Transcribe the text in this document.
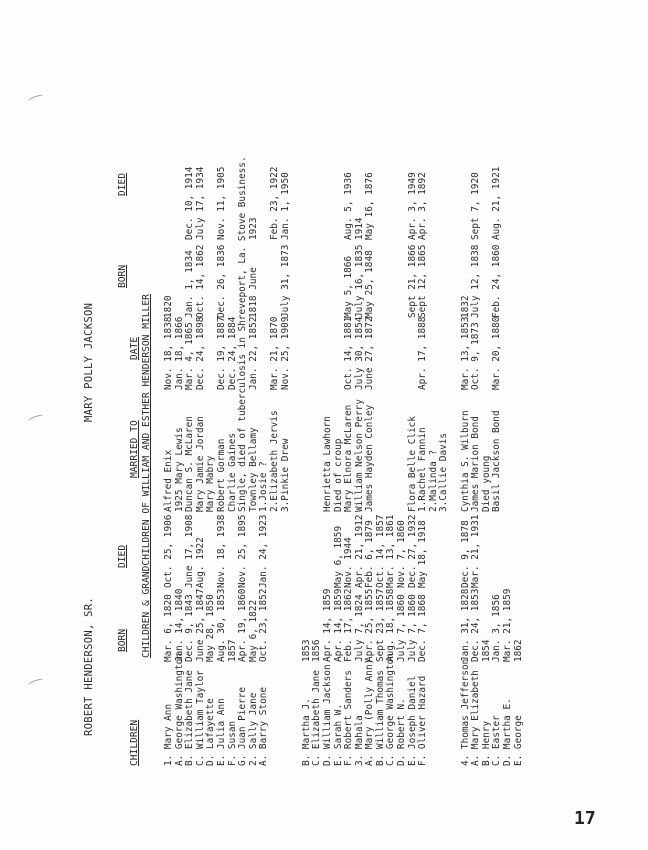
ROBERT HENDERSON, SR.
MARY POLLY JACKSON
CHILDREN
BORN
DIED
MARRIED TO
DATE
BORN
DIED
CHILDREN & GRANDCHILDREN OF WILLIAM AND ESTHER HENDERSON MILLER
1. Mary Ann
Mar. 6, 1820
Oct. 25, 1906
Alfred Enix
Nov. 18, 1838
1820
A. George Washington
Jan. 14, 1840
1925 Mary Lewis
Jan. 18, 1866
B. Elizabeth Jane
Dec. 9, 1843
June 17, 1908
Duncan S. McLaren
Mar. 4, 1865
Jan. 1, 1834
Dec. 10, 1914
C. William Taylor
June 25, 1847
Aug. 1922
Mary Jamie Jordan
Dec. 24, 1898
Oct. 14, 1862
July 17, 1934
D. Lafayette
May 28, 1850
Mary Mabry
E. Julia Ann
Aug. 30, 1853
Nov. 18, 1938
Robert Gorman
Dec. 19, 1887
Dec. 26, 1836
Nov. 11, 1905
F. Susan
1857
Charlie Gaines
Dec. 24, 1884
G. Juan Pierre
Apr. 19, 1860
Nov. 25, 1895
Single, died of tuberculosis in Shreveport, La. Stove Business.
2. Sally Jane
May 6, 1822
Townley Bellamy
Jan. 22, 1852
1818 June
1923
A. Barry Stone
Oct. 23, 1852
Jan. 24, 1923
1.Josie ? 2.Elizabeth Jervis
Mar. 21, 1870
Feb. 23, 1922
3.Pinkie Drew
Nov. 25, 1909
July 31, 1873
Jan. 1, 1950
B. Martha J.
1853
C. Elizabeth Jane
1856
D. William Jackson
Apr. 14, 1859
Henrietta Lawhorn
E. Sarah W.
Apr. 14, 1859
May 6, 1859
Died of croup
F. Robert Sanders
Feb. 17, 1862
Nov. 1944
Mary Elnora McLaren
Oct. 14, 1881
May 5, 1866
Aug. 5, 1936
3. Mahala
July 7, 1824
Apr. 21, 1912
William Nelson Perry
July 30, 1854
July 16, 1835
1914
A. Mary (Polly Ann)
Apr. 25, 1855
Feb. 6, 1879
James Hayden Conley
June 27, 1872
May 25, 1848
May 16, 1876
B. William Thomas
Sept 23, 1857
Oct. 14, 1857
C. George Washington
Aug. 18, 1858
Mar. 13, 1861
D. Robert N.
July 7, 1860
Nov. 7, 1860
E. Joseph Daniel
July 7, 1860
Dec. 27, 1932
Flora Belle Click
Sept 21, 1866
Apr. 3, 1949
F. Oliver Hazard
Dec. 7, 1868
May 18, 1918
1.Rachel Fannin
Apr. 17, 1888
Sept 12, 1865
Apr. 3, 1892
2.Malinda ? 3.Callie Davis
4. Thomas Jefferson
Jan. 31, 1828
Dec. 9, 1878
Cynthia S. Wilburn
Mar. 13, 1853
1832
A. Mary Elizabeth
Dec. 24, 1853
Mar. 21, 1931
James Marion Bond
Oct. 9, 1873
July 12, 1838
Sept 7, 1920
B. Henry
1854
Died young
C. Easter
Jan. 3, 1856
Basil Jackson Bond
Mar. 20, 1880
Feb. 24, 1860
Aug. 21, 1921
D. Martha E.
Mar. 21, 1859
E. George
1862
17
